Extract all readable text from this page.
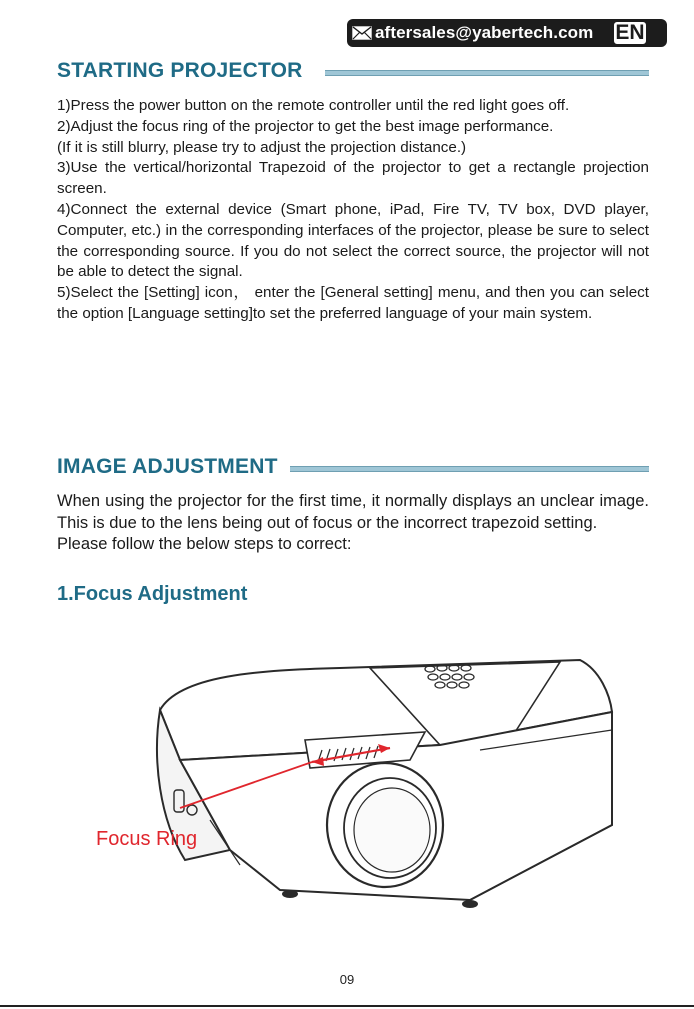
aftersales@yabertech.com EN
STARTING PROJECTOR

1)Press the power button on the remote controller until the red light goes off.

2)Adjust the focus ring of the projector to get the best image performance.

(If it is still blurry, please try to adjust the projection distance.)

3)Use the vertical/horizontal Trapezoid of the projector to get a rectangle projection screen.

4)Connect the external device (Smart phone, iPad, Fire TV, TV box, DVD player, Computer, etc.) in the corresponding interfaces of the projector, please be sure to select the corresponding source. If you do not select the correct source, the projector will not be able to detect the signal.

5)Select the [Setting] icon， enter the [General setting] menu, and then you can select the option [Language setting]to set the preferred language of your main system.

IMAGE ADJUSTMENT

When using the projector for the first time, it normally displays an unclear image. This is due to the lens being out of focus or the incorrect trapezoid setting.

Please follow the below steps to correct:

1.Focus Adjustment
Focus Ring
09
